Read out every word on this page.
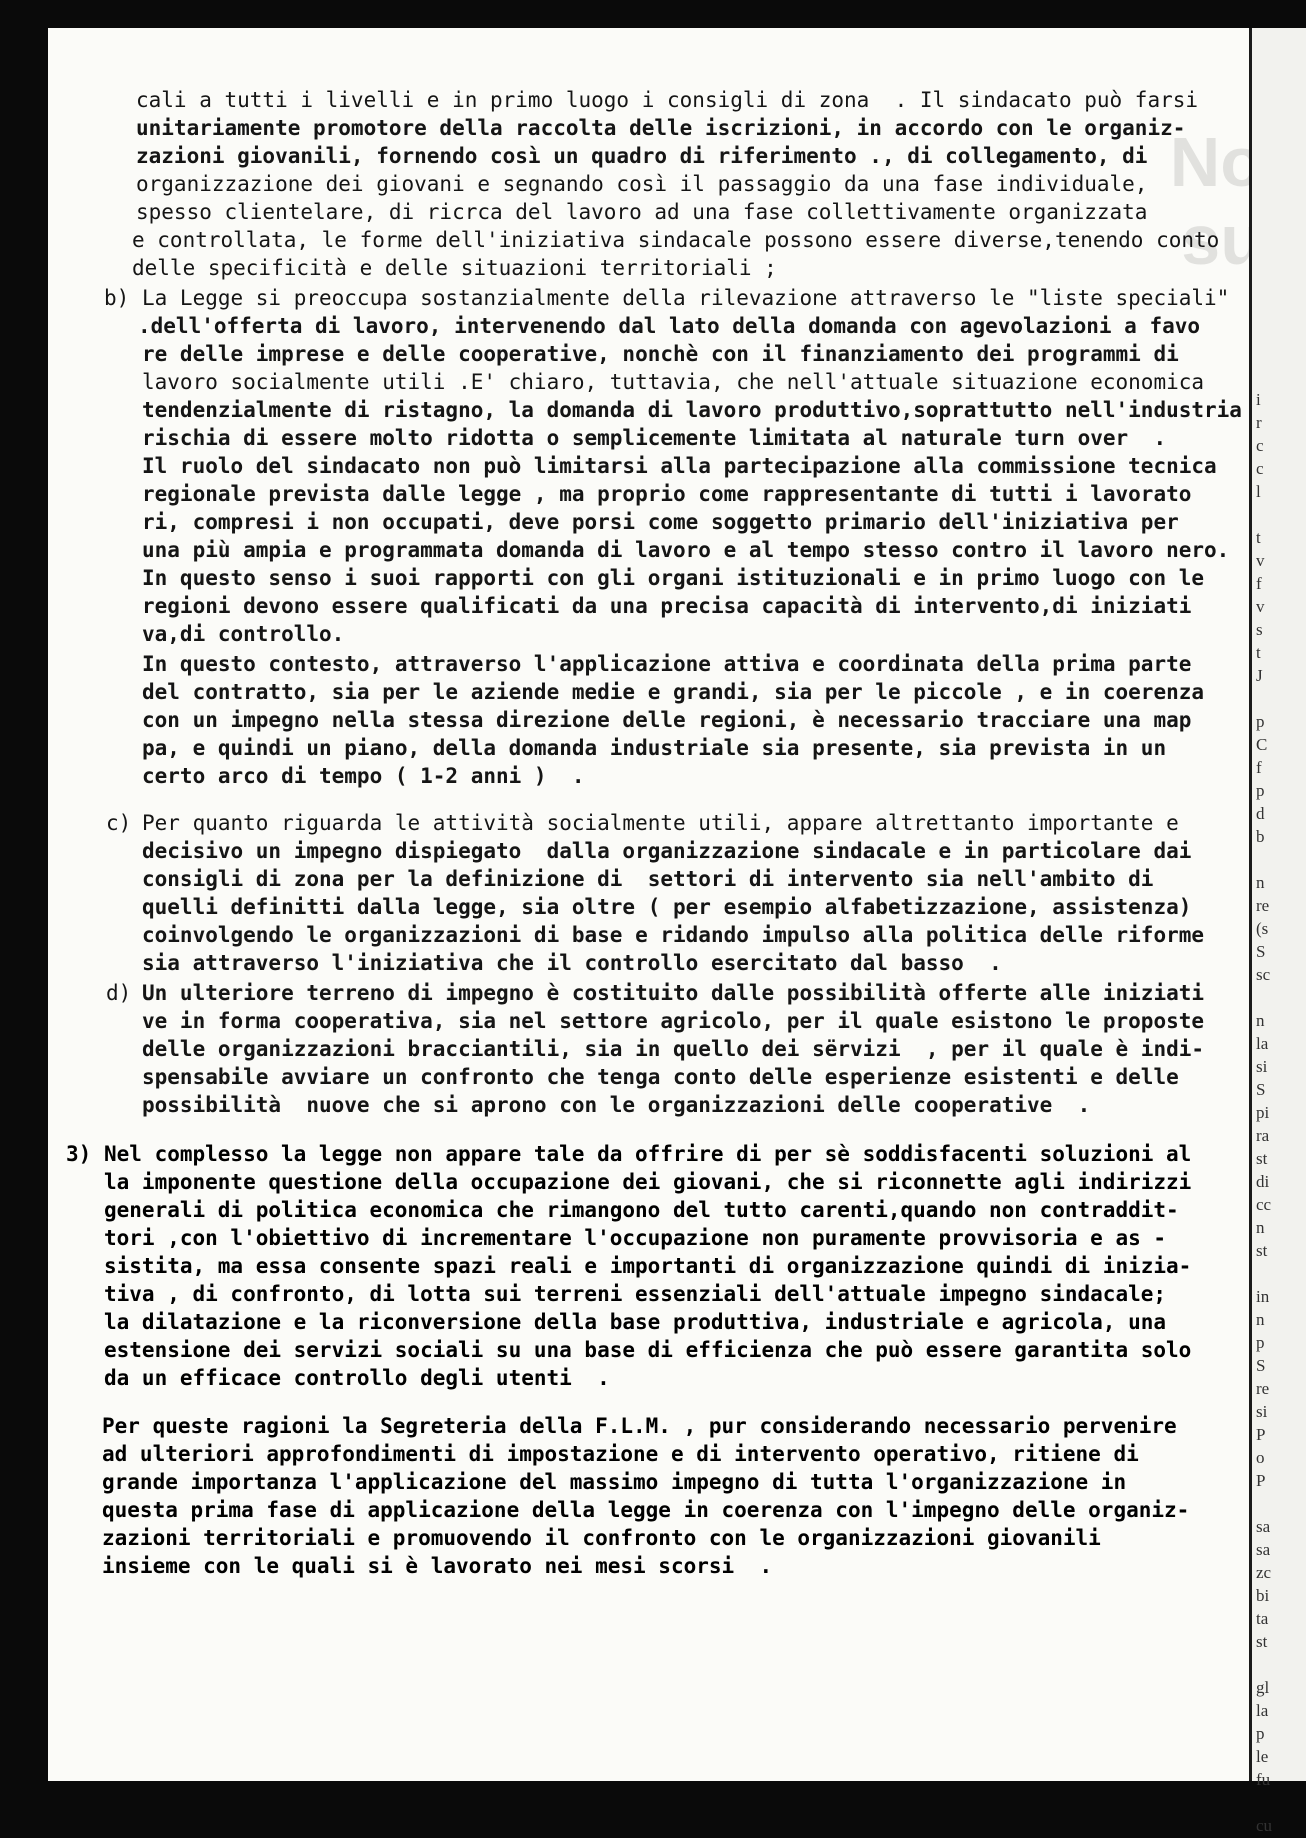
No
su

cali a tutti i livelli e in primo luogo i consigli di zona  . Il sindacato può farsi

unitariamente promotore della raccolta delle iscrizioni, in accordo con le organiz-

zazioni giovanili, fornendo così un quadro di riferimento ., di collegamento, di

organizzazione dei giovani e segnando così il passaggio da una fase individuale,

spesso clientelare, di ricrca del lavoro ad una fase collettivamente organizzata

e controllata, le forme dell'iniziativa sindacale possono essere diverse,tenendo conto

delle specificità e delle situazioni territoriali ;

b) La Legge si preoccupa sostanzialmente della rilevazione attraverso le "liste speciali"

.dell'offerta di lavoro, intervenendo dal lato della domanda con agevolazioni a favo

re delle imprese e delle cooperative, nonchè con il finanziamento dei programmi di

lavoro socialmente utili .E' chiaro, tuttavia, che nell'attuale situazione economica

tendenzialmente di ristagno, la domanda di lavoro produttivo,soprattutto nell'industria

rischia di essere molto ridotta o semplicemente limitata al naturale turn over  .

Il ruolo del sindacato non può limitarsi alla partecipazione alla commissione tecnica

regionale prevista dalle legge , ma proprio come rappresentante di tutti i lavorato

ri, compresi i non occupati, deve porsi come soggetto primario dell'iniziativa per

una più ampia e programmata domanda di lavoro e al tempo stesso contro il lavoro nero.

In questo senso i suoi rapporti con gli organi istituzionali e in primo luogo con le

regioni devono essere qualificati da una precisa capacità di intervento,di iniziati

va,di controllo.

In questo contesto, attraverso l'applicazione attiva e coordinata della prima parte

del contratto, sia per le aziende medie e grandi, sia per le piccole , e in coerenza

con un impegno nella stessa direzione delle regioni, è necessario tracciare una map

pa, e quindi un piano, della domanda industriale sia presente, sia prevista in un

certo arco di tempo ( 1-2 anni )  .

c) Per quanto riguarda le attività socialmente utili, appare altrettanto importante e

decisivo un impegno dispiegato  dalla organizzazione sindacale e in particolare dai

consigli di zona per la definizione di  settori di intervento sia nell'ambito di

quelli definitti dalla legge, sia oltre ( per esempio alfabetizzazione, assistenza)

coinvolgendo le organizzazioni di base e ridando impulso alla politica delle riforme

sia attraverso l'iniziativa che il controllo esercitato dal basso  .

d) Un ulteriore terreno di impegno è costituito dalle possibilità offerte alle iniziati

ve in forma cooperativa, sia nel settore agricolo, per il quale esistono le proposte

delle organizzazioni bracciantili, sia in quello dei sërvizi  , per il quale è indi-

spensabile avviare un confronto che tenga conto delle esperienze esistenti e delle

possibilità  nuove che si aprono con le organizzazioni delle cooperative  .

3) Nel complesso la legge non appare tale da offrire di per sè soddisfacenti soluzioni al

la imponente questione della occupazione dei giovani, che si riconnette agli indirizzi

generali di politica economica che rimangono del tutto carenti,quando non contraddit-

tori ,con l'obiettivo di incrementare l'occupazione non puramente provvisoria e as -

sistita, ma essa consente spazi reali e importanti di organizzazione quindi di inizia-

tiva , di confronto, di lotta sui terreni essenziali dell'attuale impegno sindacale;

la dilatazione e la riconversione della base produttiva, industriale e agricola, una

estensione dei servizi sociali su una base di efficienza che può essere garantita solo

da un efficace controllo degli utenti  .

Per queste ragioni la Segreteria della F.L.M. , pur considerando necessario pervenire

ad ulteriori approfondimenti di impostazione e di intervento operativo, ritiene di

grande importanza l'applicazione del massimo impegno di tutta l'organizzazione in

questa prima fase di applicazione della legge in coerenza con l'impegno delle organiz-

zazioni territoriali e promuovendo il confronto con le organizzazioni giovanili

insieme con le quali si è lavorato nei mesi scorsi  .

i
r
c
c
l
t
v
f
v
s
t
J
p
C
f
p
d
b
n
re
(s
S
sc
n
la
si
S
pi
ra
st
di
cc
n
st
in
n
p
S
re
si
P
o
P
sa
sa
zc
bi
ta
st
gl
la
p
le
fu
cu
